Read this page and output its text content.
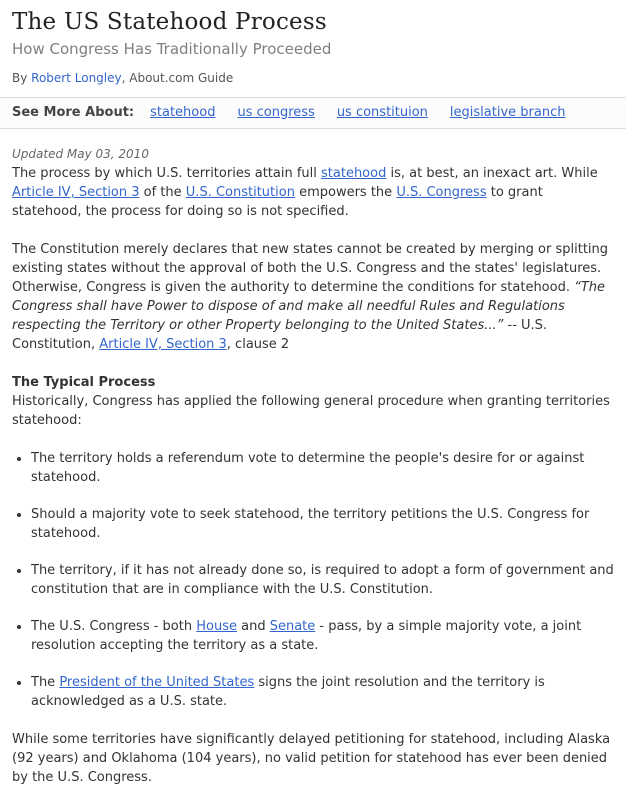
The US Statehood Process
How Congress Has Traditionally Proceeded
By Robert Longley, About.com Guide
See More About: statehood us congress us constituion legislative branch
Updated May 03, 2010

The process by which U.S. territories attain full statehood is, at best, an inexact art. While Article IV, Section 3 of the U.S. Constitution empowers the U.S. Congress to grant statehood, the process for doing so is not specified.

The Constitution merely declares that new states cannot be created by merging or splitting existing states without the approval of both the U.S. Congress and the states' legislatures. Otherwise, Congress is given the authority to determine the conditions for statehood. “The Congress shall have Power to dispose of and make all needful Rules and Regulations respecting the Territory or other Property belonging to the United States...” -- U.S. Constitution, Article IV, Section 3, clause 2

The Typical Process

Historically, Congress has applied the following general procedure when granting territories statehood:

• The territory holds a referendum vote to determine the people's desire for or against statehood.
• Should a majority vote to seek statehood, the territory petitions the U.S. Congress for statehood.
• The territory, if it has not already done so, is required to adopt a form of government and constitution that are in compliance with the U.S. Constitution.
• The U.S. Congress - both House and Senate - pass, by a simple majority vote, a joint resolution accepting the territory as a state.
• The President of the United States signs the joint resolution and the territory is acknowledged as a U.S. state.

While some territories have significantly delayed petitioning for statehood, including Alaska (92 years) and Oklahoma (104 years), no valid petition for statehood has ever been denied by the U.S. Congress.
